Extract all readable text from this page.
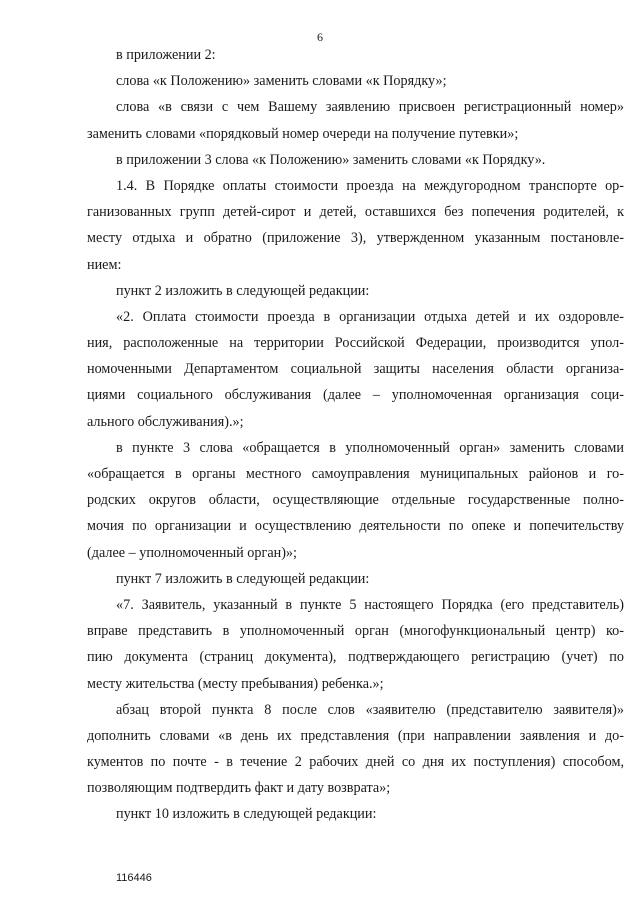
6
в приложении 2:
слова «к Положению» заменить словами «к Порядку»;
слова «в связи с чем Вашему заявлению присвоен регистрационный номер»
заменить словами «порядковый номер очереди на получение путевки»;
в приложении 3 слова «к Положению» заменить словами «к Порядку».
1.4. В Порядке оплаты стоимости проезда на междугородном транспорте ор-
ганизованных групп детей-сирот и детей, оставшихся без попечения родителей, к
месту отдыха и обратно (приложение 3), утвержденном указанным постановле-
нием:
пункт 2 изложить в следующей редакции:
«2. Оплата стоимости проезда в организации отдыха детей и их оздоровле-
ния, расположенные на территории Российской Федерации, производится упол-
номоченными Департаментом социальной защиты населения области организа-
циями социального обслуживания (далее – уполномоченная организация соци-
ального обслуживания).»;
в пункте 3 слова «обращается в уполномоченный орган» заменить словами
«обращается в органы местного самоуправления муниципальных районов и го-
родских округов области, осуществляющие отдельные государственные полно-
мочия по организации и осуществлению деятельности по опеке и попечительству
(далее – уполномоченный орган)»;
пункт 7 изложить в следующей редакции:
«7. Заявитель, указанный в пункте 5 настоящего Порядка (его представитель)
вправе представить в уполномоченный орган (многофункциональный центр) ко-
пию документа (страниц документа), подтверждающего регистрацию (учет) по
месту жительства (месту пребывания) ребенка.»;
абзац второй пункта 8 после слов «заявителю (представителю заявителя)»
дополнить словами «в день их представления (при направлении заявления и до-
кументов по почте - в течение 2 рабочих дней со дня их поступления) способом,
позволяющим подтвердить факт и дату возврата»;
пункт 10 изложить в следующей редакции:
116446
